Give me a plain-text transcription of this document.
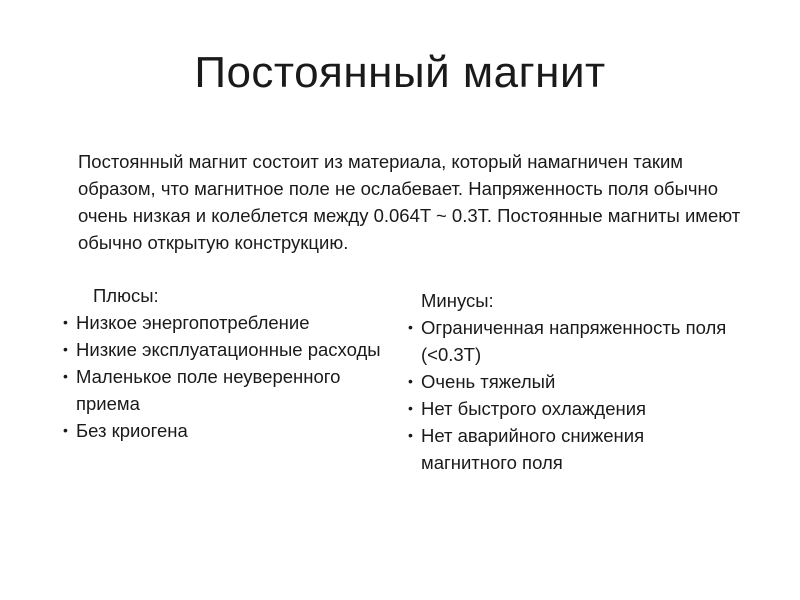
Постоянный магнит

Постоянный магнит состоит из материала, который намагничен таким образом, что магнитное поле не ослабевает. Напряженность поля обычно очень низкая и колеблется между 0.064T ~ 0.3T. Постоянные магниты имеют обычно открытую конструкцию.

Плюсы:
• Низкое энергопотребление
• Низкие эксплуатационные расходы
• Маленькое поле неуверенного приема
• Без криогена
Минусы:
• Ограниченная напряженность поля (<0.3T)
• Очень тяжелый
• Нет быстрого охлаждения
• Нет аварийного снижения магнитного поля
